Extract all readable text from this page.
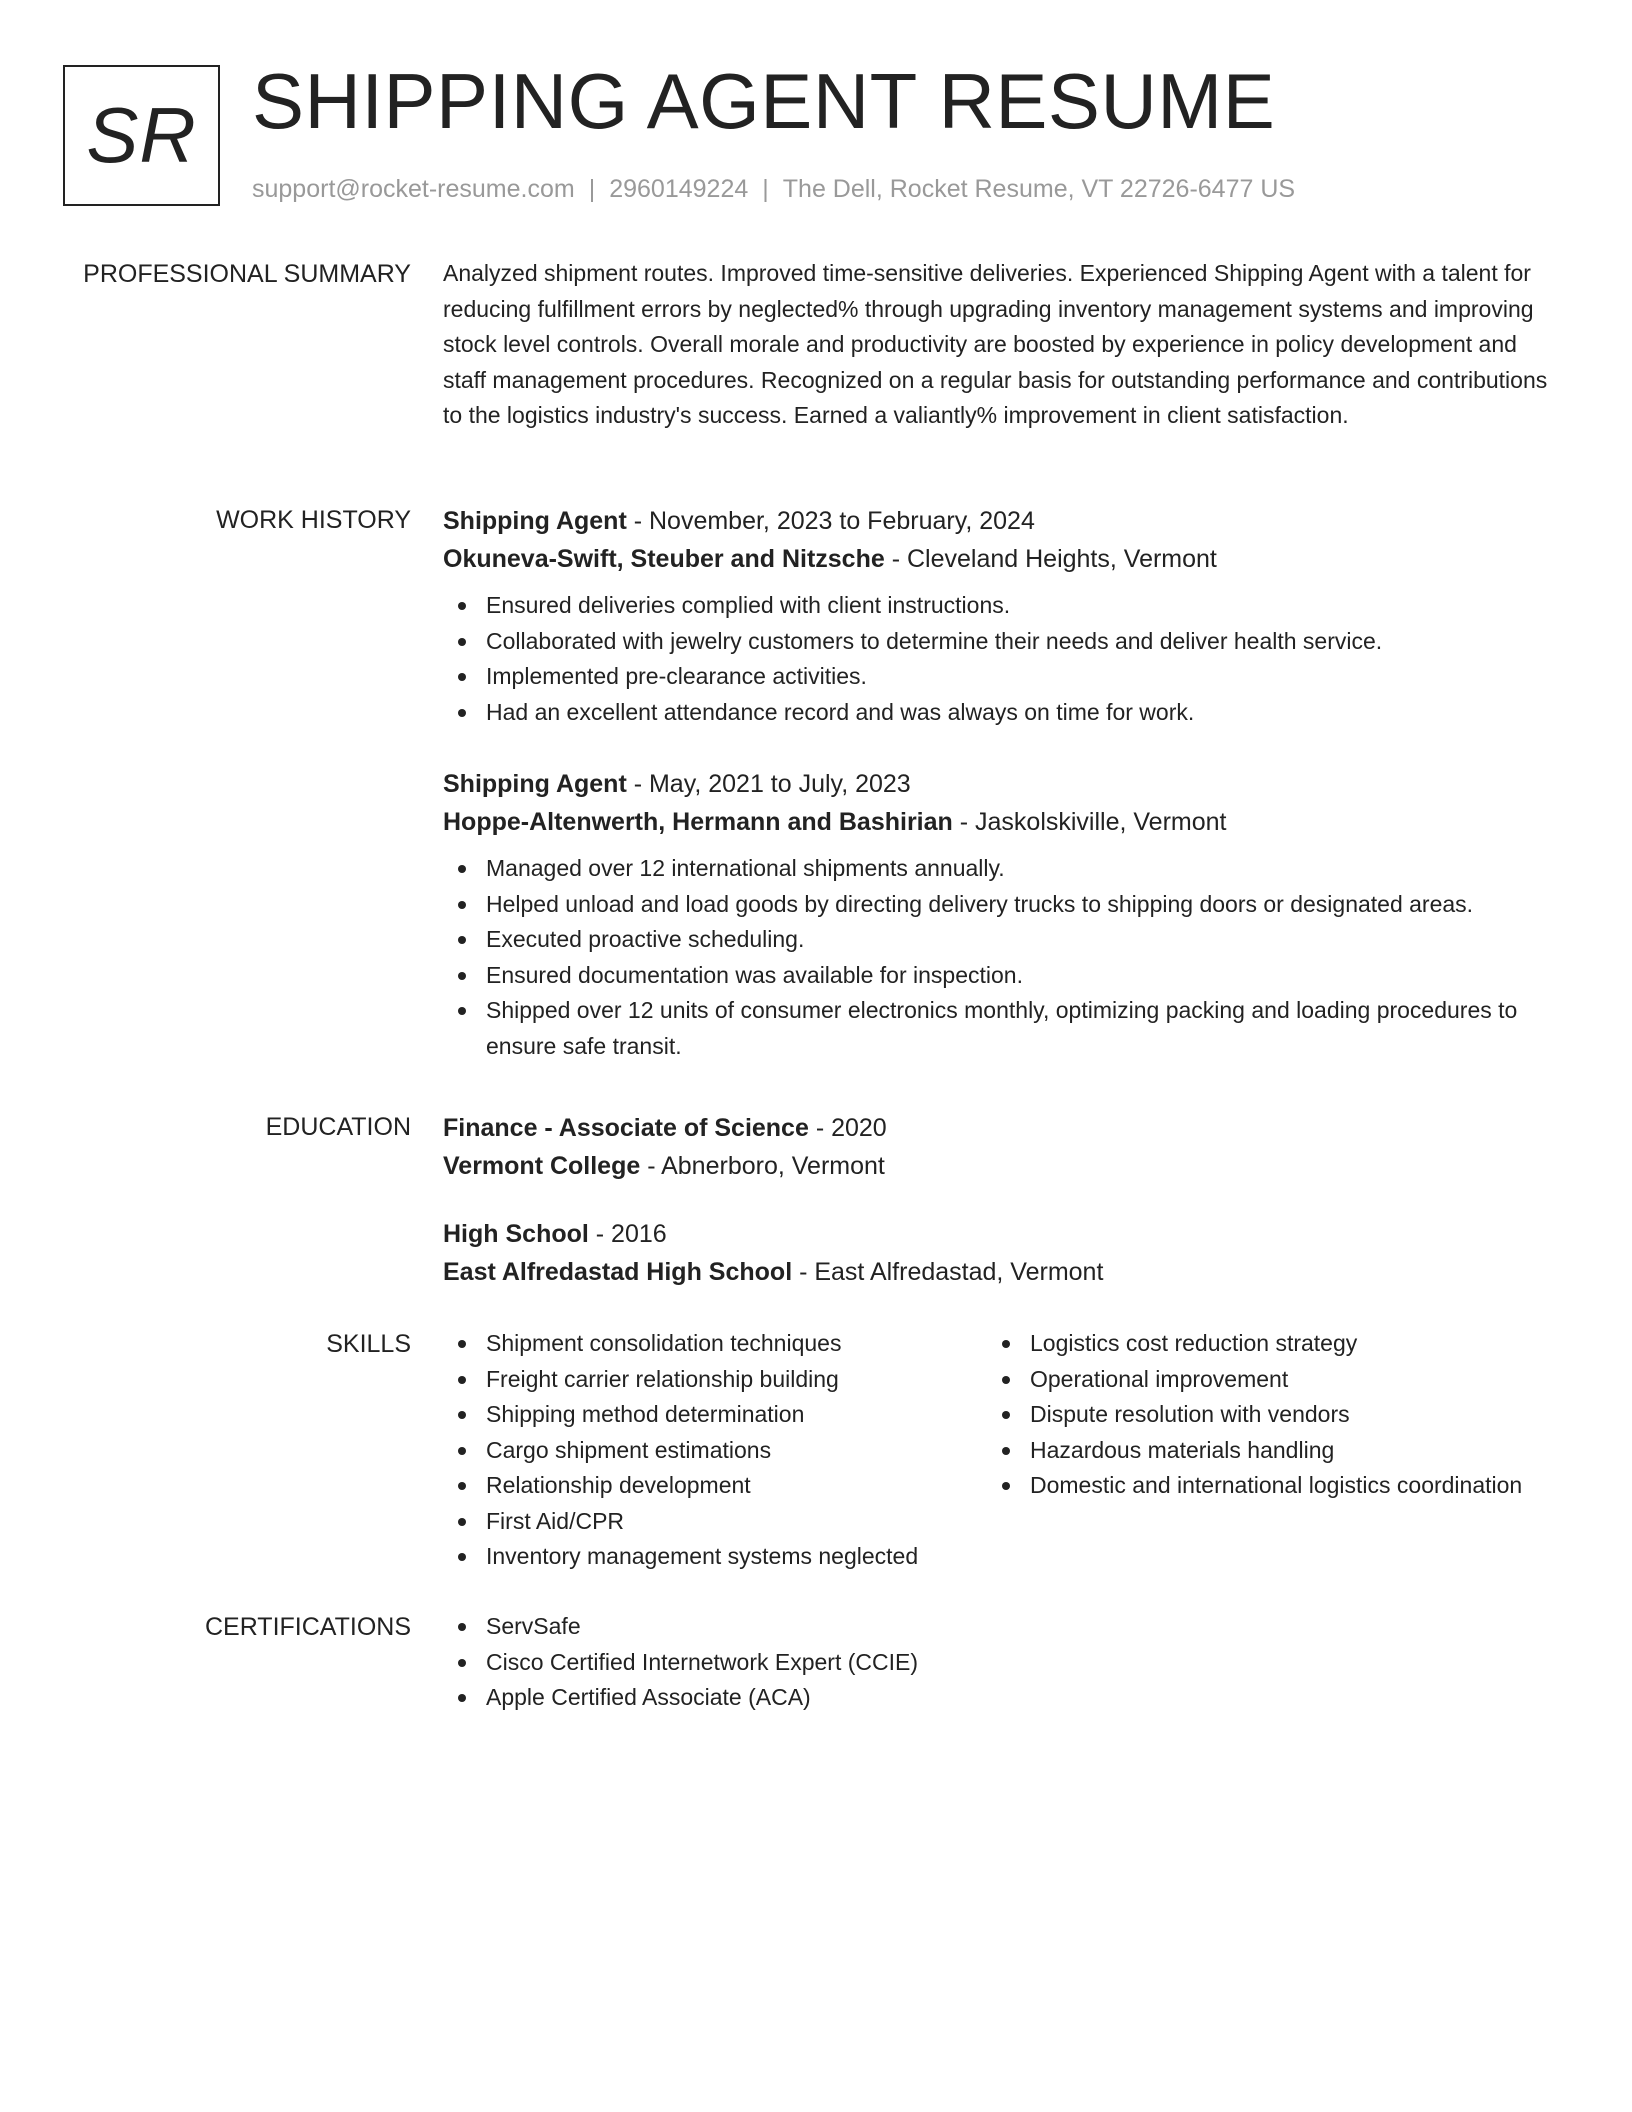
SR SHIPPING AGENT RESUME
support@rocket-resume.com | 2960149224 | The Dell, Rocket Resume, VT 22726-6477 US
PROFESSIONAL SUMMARY Analyzed shipment routes. Improved time-sensitive deliveries. Experienced Shipping Agent with a talent for reducing fulfillment errors by neglected% through upgrading inventory management systems and improving stock level controls. Overall morale and productivity are boosted by experience in policy development and staff management procedures. Recognized on a regular basis for outstanding performance and contributions to the logistics industry's success. Earned a valiantly% improvement in client satisfaction.

WORK HISTORY Shipping Agent - November, 2023 to February, 2024

Okuneva-Swift, Steuber and Nitzsche - Cleveland Heights, Vermont

Ensured deliveries complied with client instructions.
Collaborated with jewelry customers to determine their needs and deliver health service.
Implemented pre-clearance activities.
Had an excellent attendance record and was always on time for work.

Shipping Agent - May, 2021 to July, 2023

Hoppe-Altenwerth, Hermann and Bashirian - Jaskolskiville, Vermont

Managed over 12 international shipments annually.
Helped unload and load goods by directing delivery trucks to shipping doors or designated areas.
Executed proactive scheduling.
Ensured documentation was available for inspection.
Shipped over 12 units of consumer electronics monthly, optimizing packing and loading procedures to ensure safe transit.
EDUCATION Finance - Associate of Science - 2020

Vermont College - Abnerboro, Vermont

High School - 2016

East Alfredastad High School - East Alfredastad, Vermont

SKILLS	Shipment consolidation techniques
Freight carrier relationship building
Shipping method determination
Cargo shipment estimations
Relationship development
First Aid/CPR
Inventory management systems neglected
Logistics cost reduction strategy
Operational improvement
Dispute resolution with vendors
Hazardous materials handling
Domestic and international logistics coordination
CERTIFICATIONS	ServSafe
Cisco Certified Internetwork Expert (CCIE)
Apple Certified Associate (ACA)
